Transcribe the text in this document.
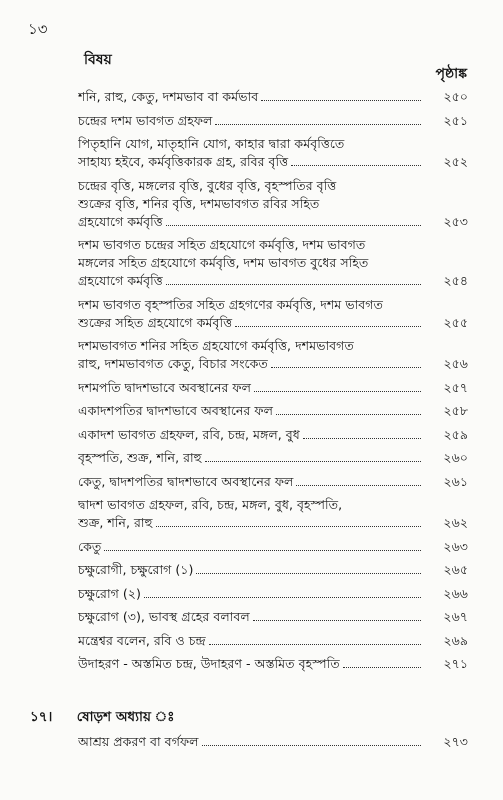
১৩
বিষয়
পৃষ্ঠাঙ্ক
শনি, রাহু, কেতু, দশমভাব বা কর্মভাব	২৫০
চন্দ্রের দশম ভাবগত গ্রহফল	২৫১
পিতৃহানি যোগ, মাতৃহানি যোগ, কাহার দ্বারা কর্মবৃত্তিতে
সাহায্য হইবে, কর্মবৃত্তিকারক গ্রহ, রবির বৃত্তি	২৫২
চন্দ্রের বৃত্তি, মঙ্গলের বৃত্তি, বুধের বৃত্তি, বৃহস্পতির বৃত্তি
শুক্রের বৃত্তি, শনির বৃত্তি, দশমভাবগত রবির সহিত
গ্রহযোগে কর্মবৃত্তি	২৫৩
দশম ভাবগত চন্দ্রের সহিত গ্রহযোগে কর্মবৃত্তি, দশম ভাবগত
মঙ্গলের সহিত গ্রহযোগে কর্মবৃত্তি, দশম ভাবগত বুধের সহিত
গ্রহযোগে কর্মবৃত্তি	২৫৪
দশম ভাবগত বৃহস্পতির সহিত গ্রহগণের কর্মবৃত্তি, দশম ভাবগত
শুক্রের সহিত গ্রহযোগে কর্মবৃত্তি	২৫৫
দশমভাবগত শনির সহিত গ্রহযোগে কর্মবৃত্তি, দশমভাবগত
রাহু, দশমভাবগত কেতু, বিচার সংকেত	২৫৬
দশমপতি দ্বাদশভাবে অবস্থানের ফল	২৫৭
একাদশপতির দ্বাদশভাবে অবস্থানের ফল	২৫৮
একাদশ ভাবগত গ্রহফল, রবি, চন্দ্র, মঙ্গল, বুধ	২৫৯
বৃহস্পতি, শুক্র, শনি, রাহু	২৬০
কেতু, দ্বাদশপতির দ্বাদশভাবে অবস্থানের ফল	২৬১
দ্বাদশ ভাবগত গ্রহফল, রবি, চন্দ্র, মঙ্গল, বুধ, বৃহস্পতি,
শুক্র, শনি, রাহু	২৬২
কেতু	২৬৩
চক্ষুরোগী, চক্ষুরোগ (১)	২৬৫
চক্ষুরোগ (২)	২৬৬
চক্ষুরোগ (৩), ভাবস্থ গ্রহের বলাবল	২৬৭
মন্ত্রেশ্বর বলেন, রবি ও চন্দ্র	২৬৯
উদাহরণ - অস্তমিত চন্দ্র, উদাহরণ - অস্তমিত বৃহস্পতি	২৭১
১৭। ষোড়শ অধ্যায় ঃ
আশ্রয় প্রকরণ বা বর্গফল	২৭৩
